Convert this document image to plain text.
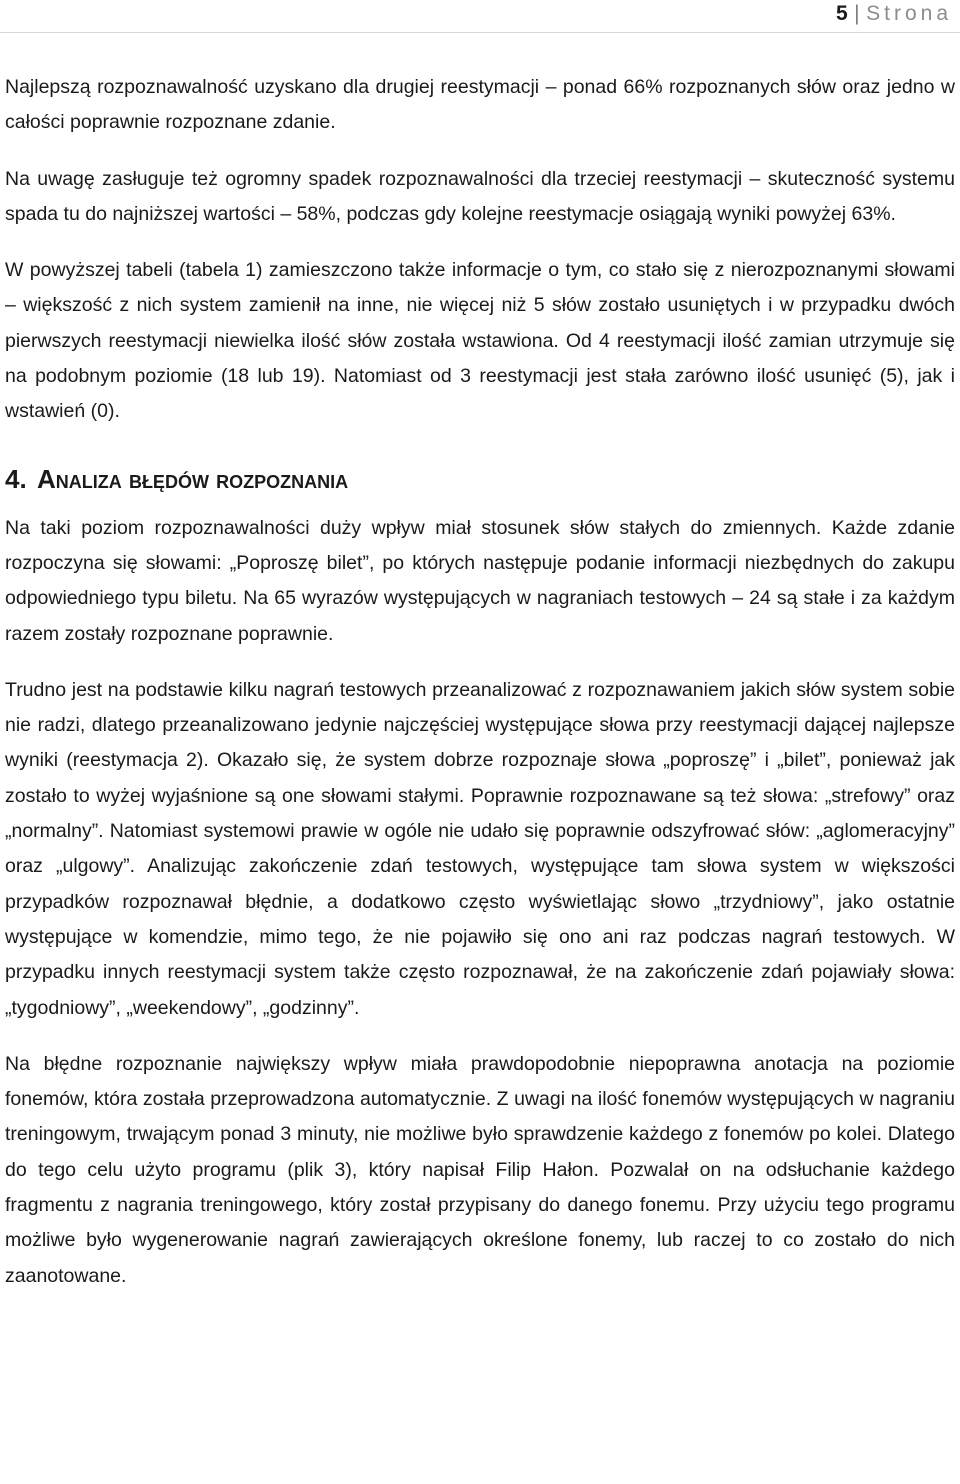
5 | Strona

Najlepszą rozpoznawalność uzyskano dla drugiej reestymacji – ponad 66% rozpoznanych słów oraz jedno w całości poprawnie rozpoznane zdanie.

Na uwagę zasługuje też ogromny spadek rozpoznawalności dla trzeciej reestymacji – skuteczność systemu spada tu do najniższej wartości – 58%, podczas gdy kolejne reestymacje osiągają wyniki powyżej 63%.

W powyższej tabeli (tabela 1) zamieszczono także informacje o tym, co stało się z nierozpoznanymi słowami – większość z nich system zamienił na inne, nie więcej niż 5 słów zostało usuniętych i w przypadku dwóch pierwszych reestymacji niewielka ilość słów została wstawiona. Od 4 reestymacji ilość zamian utrzymuje się na podobnym poziomie (18 lub 19). Natomiast od 3 reestymacji jest stała zarówno ilość usunięć (5), jak i wstawień (0).

4. Analiza błędów rozpoznania

Na taki poziom rozpoznawalności duży wpływ miał stosunek słów stałych do zmiennych. Każde zdanie rozpoczyna się słowami: „Poproszę bilet”, po których następuje podanie informacji niezbędnych do zakupu odpowiedniego typu biletu. Na 65 wyrazów występujących w nagraniach testowych – 24 są stałe i za każdym razem zostały rozpoznane poprawnie.

Trudno jest na podstawie kilku nagrań testowych przeanalizować z rozpoznawaniem jakich słów system sobie nie radzi, dlatego przeanalizowano jedynie najczęściej występujące słowa przy reestymacji dającej najlepsze wyniki (reestymacja 2). Okazało się, że system dobrze rozpoznaje słowa „poproszę” i „bilet”, ponieważ jak zostało to wyżej wyjaśnione są one słowami stałymi. Poprawnie rozpoznawane są też słowa: „strefowy” oraz „normalny”. Natomiast systemowi prawie w ogóle nie udało się poprawnie odszyfrować słów: „aglomeracyjny” oraz „ulgowy”. Analizując zakończenie zdań testowych, występujące tam słowa system w większości przypadków rozpoznawał błędnie, a dodatkowo często wyświetlając słowo „trzydniowy”, jako ostatnie występujące w komendzie, mimo tego, że nie pojawiło się ono ani raz podczas nagrań testowych. W przypadku innych reestymacji system także często rozpoznawał, że na zakończenie zdań pojawiały słowa: „tygodniowy”, „weekendowy”, „godzinny”.

Na błędne rozpoznanie największy wpływ miała prawdopodobnie niepoprawna anotacja na poziomie fonemów, która została przeprowadzona automatycznie. Z uwagi na ilość fonemów występujących w nagraniu treningowym, trwającym ponad 3 minuty, nie możliwe było sprawdzenie każdego z fonemów po kolei. Dlatego do tego celu użyto programu (plik 3), który napisał Filip Hałon. Pozwalał on na odsłuchanie każdego fragmentu z nagrania treningowego, który został przypisany do danego fonemu. Przy użyciu tego programu możliwe było wygenerowanie nagrań zawierających określone fonemy, lub raczej to co zostało do nich zaanotowane.
